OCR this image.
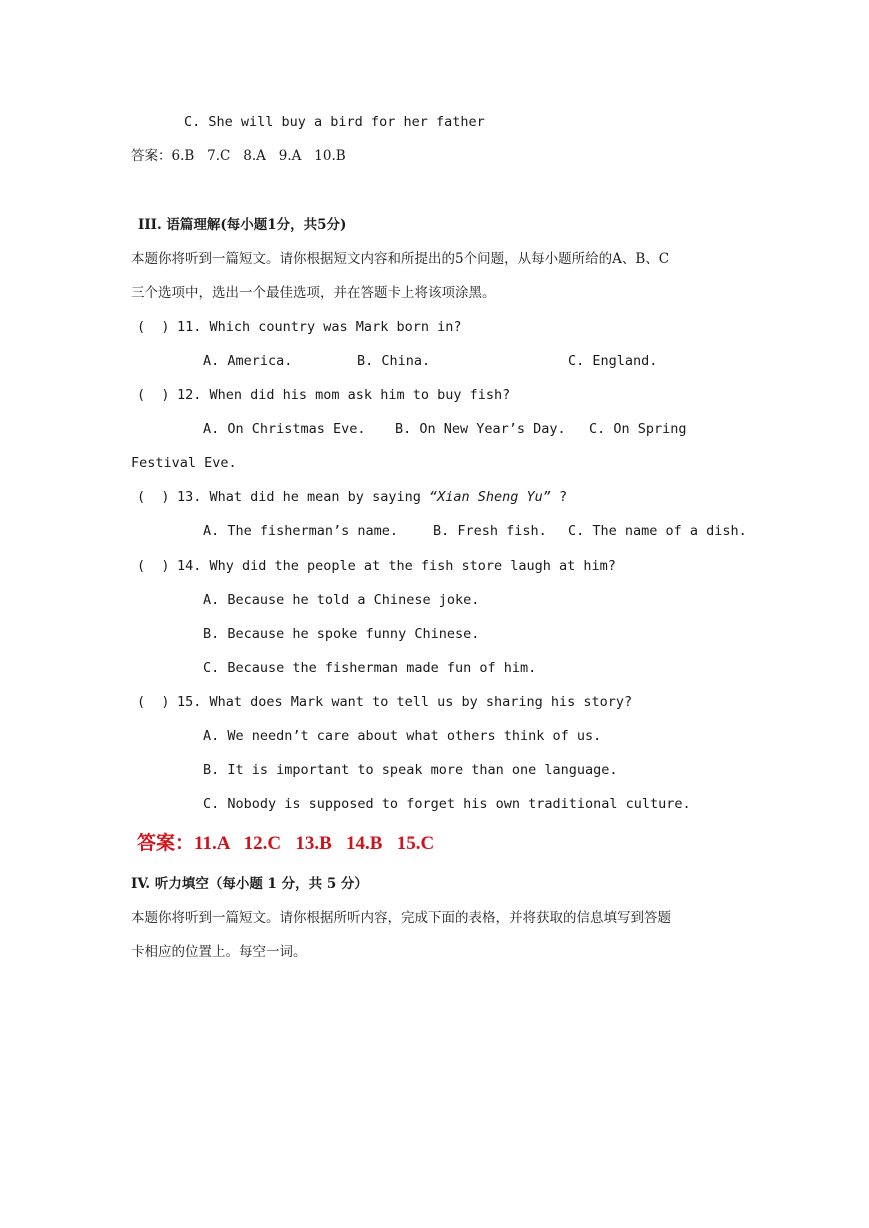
C. She will buy a bird for her father
答案：6.B   7.C   8.A   9.A   10.B
III. 语篇理解(每小题1分，共5分)
本题你将听到一篇短文。请你根据短文内容和所提出的5个问题，从每小题所给的A、B、C
三个选项中，选出一个最佳选项，并在答题卡上将该项涂黑。
(  ) 11. Which country was Mark born in?
A. America.	B. China.	C. England.
(  ) 12. When did his mom ask him to buy fish?
A. On Christmas Eve. B. On New Year’s Day. C. On Spring
Festival Eve.
(  ) 13. What did he mean by saying “Xian Sheng Yu” ?
A. The fisherman’s name.	B. Fresh fish. C. The name of a dish.
(  ) 14. Why did the people at the fish store laugh at him?
A. Because he told a Chinese joke.
B. Because he spoke funny Chinese.
C. Because the fisherman made fun of him.
(  ) 15. What does Mark want to tell us by sharing his story?
A. We needn’t care about what others think of us.
B. It is important to speak more than one language.
C. Nobody is supposed to forget his own traditional culture.
答案：11.A   12.C   13.B   14.B   15.C
IV. 听力填空（每小题 1 分，共 5 分）
本题你将听到一篇短文。请你根据所听内容，完成下面的表格，并将获取的信息填写到答题
卡相应的位置上。每空一词。
